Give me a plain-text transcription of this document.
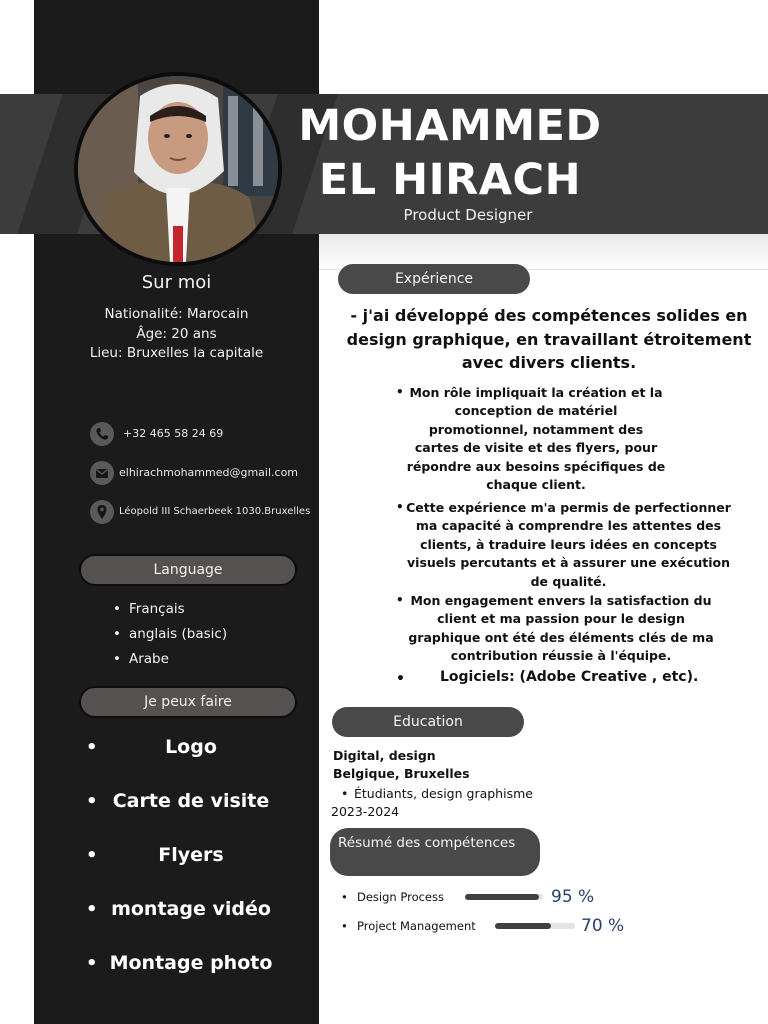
MOHAMMED
EL HIRACH
Product Designer
Sur moi
Nationalité: Marocain
Âge: 20 ans
Lieu: Bruxelles la capitale
+32 465 58 24 69
elhirachmohammed@gmail.com
Léopold III Schaerbeek 1030.Bruxelles
Language
• Français
• anglais (basic)
• Arabe
Je peux faire
•	Logo
• Carte de visite
•	Flyers
• montage vidéo
• Montage photo
Expérience
- j'ai développé des compétences solides en design graphique, en travaillant étroitement avec divers clients.
• Mon rôle impliquait la création et la conception de matériel promotionnel, notamment des cartes de visite et des flyers, pour répondre aux besoins spécifiques de chaque client.
• Cette expérience m'a permis de perfectionner ma capacité à comprendre les attentes des clients, à traduire leurs idées en concepts visuels percutants et à assurer une exécution de qualité.
• Mon engagement envers la satisfaction du client et ma passion pour le design graphique ont été des éléments clés de ma contribution réussie à l'équipe.
•	Logiciels: (Adobe Creative , etc).
Education
Digital, design
Belgique, Bruxelles
• Étudiants, design graphisme
2023-2024
Résumé des compétences
• Design Process	95 %
• Project Management	70 %
